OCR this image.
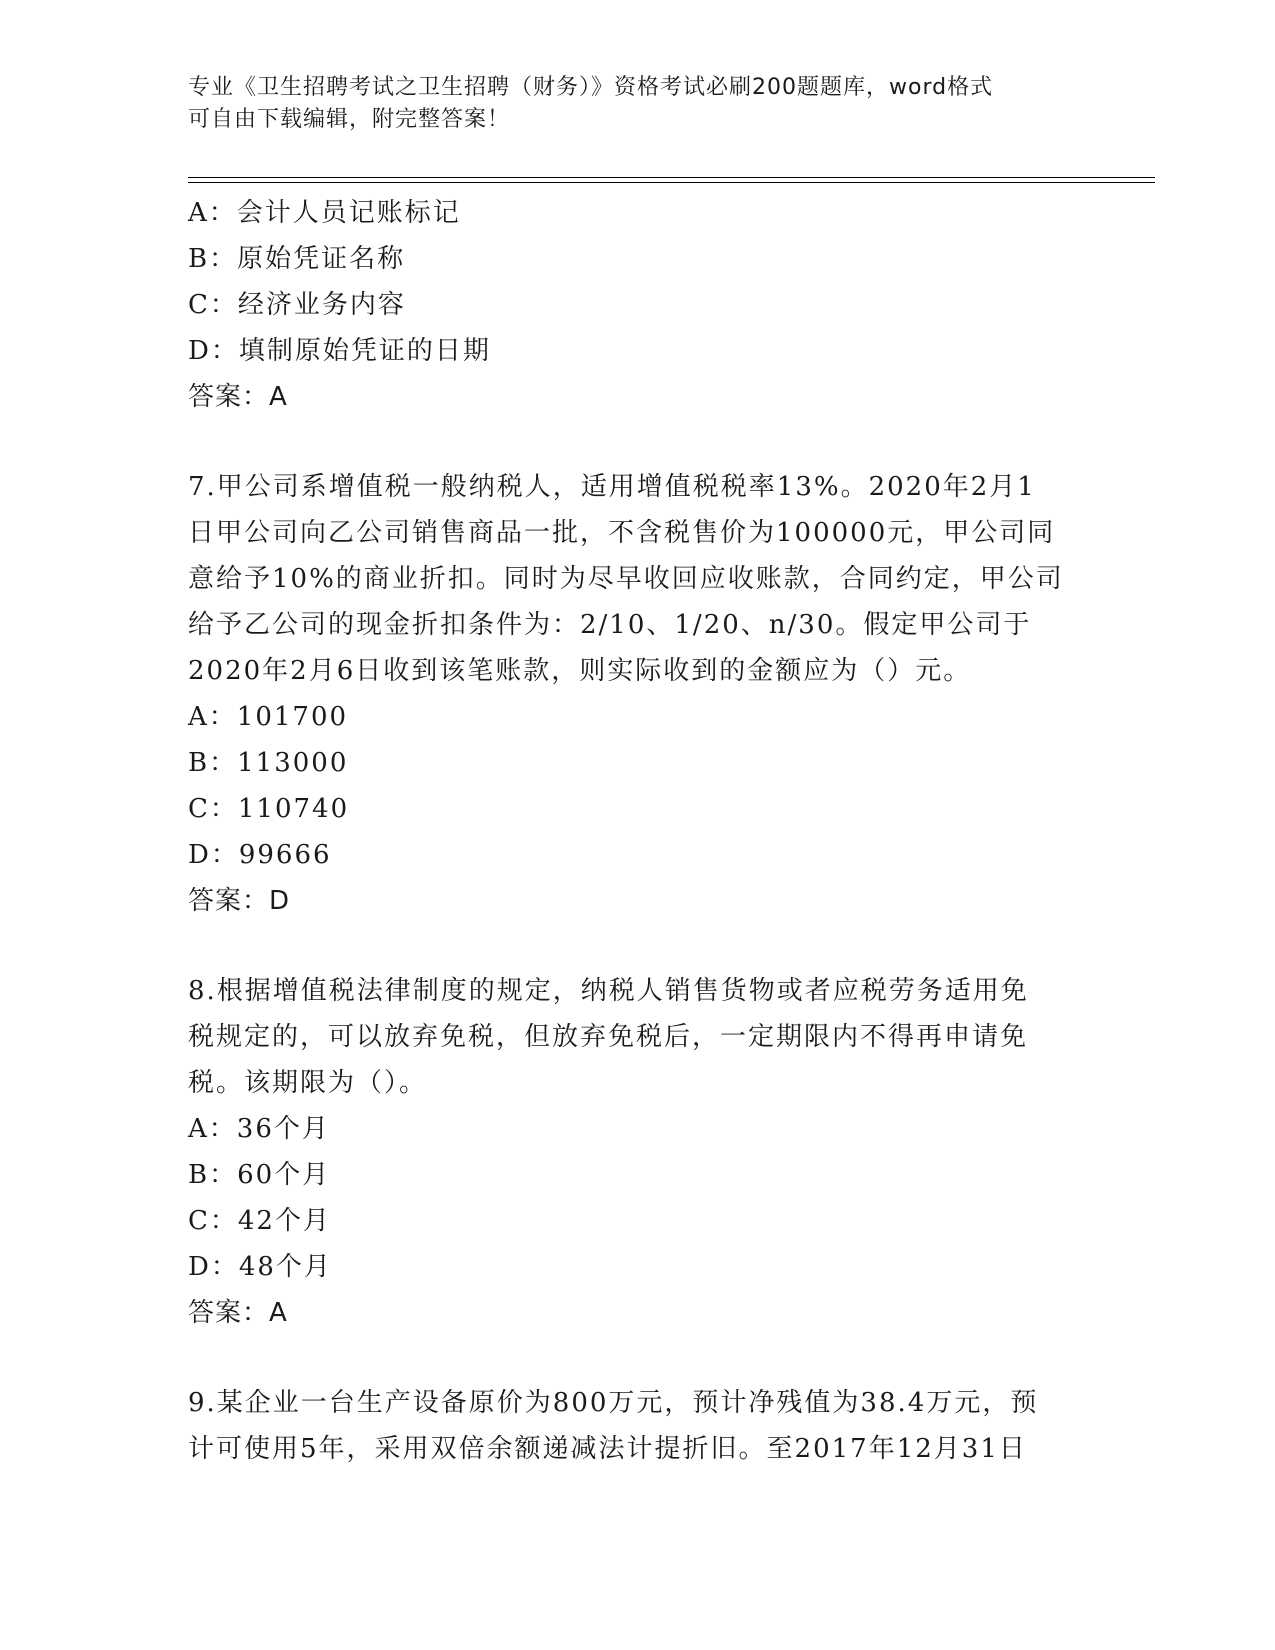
专业《卫生招聘考试之卫生招聘（财务）》资格考试必刷200题题库，word格式
可自由下载编辑，附完整答案！
A：会计人员记账标记
B：原始凭证名称
C：经济业务内容
D：填制原始凭证的日期
答案：A
7.甲公司系增值税一般纳税人，适用增值税税率13%。2020年2月1
日甲公司向乙公司销售商品一批，不含税售价为100000元，甲公司同
意给予10%的商业折扣。同时为尽早收回应收账款，合同约定，甲公司
给予乙公司的现金折扣条件为：2/10、1/20、n/30。假定甲公司于
2020年2月6日收到该笔账款，则实际收到的金额应为（）元。
A：101700
B：113000
C：110740
D：99666
答案：D
8.根据增值税法律制度的规定，纳税人销售货物或者应税劳务适用免
税规定的，可以放弃免税，但放弃免税后，一定期限内不得再申请免
税。该期限为（）。
A：36个月
B：60个月
C：42个月
D：48个月
答案：A
9.某企业一台生产设备原价为800万元，预计净残值为38.4万元，预
计可使用5年，采用双倍余额递减法计提折旧。至2017年12月31日
